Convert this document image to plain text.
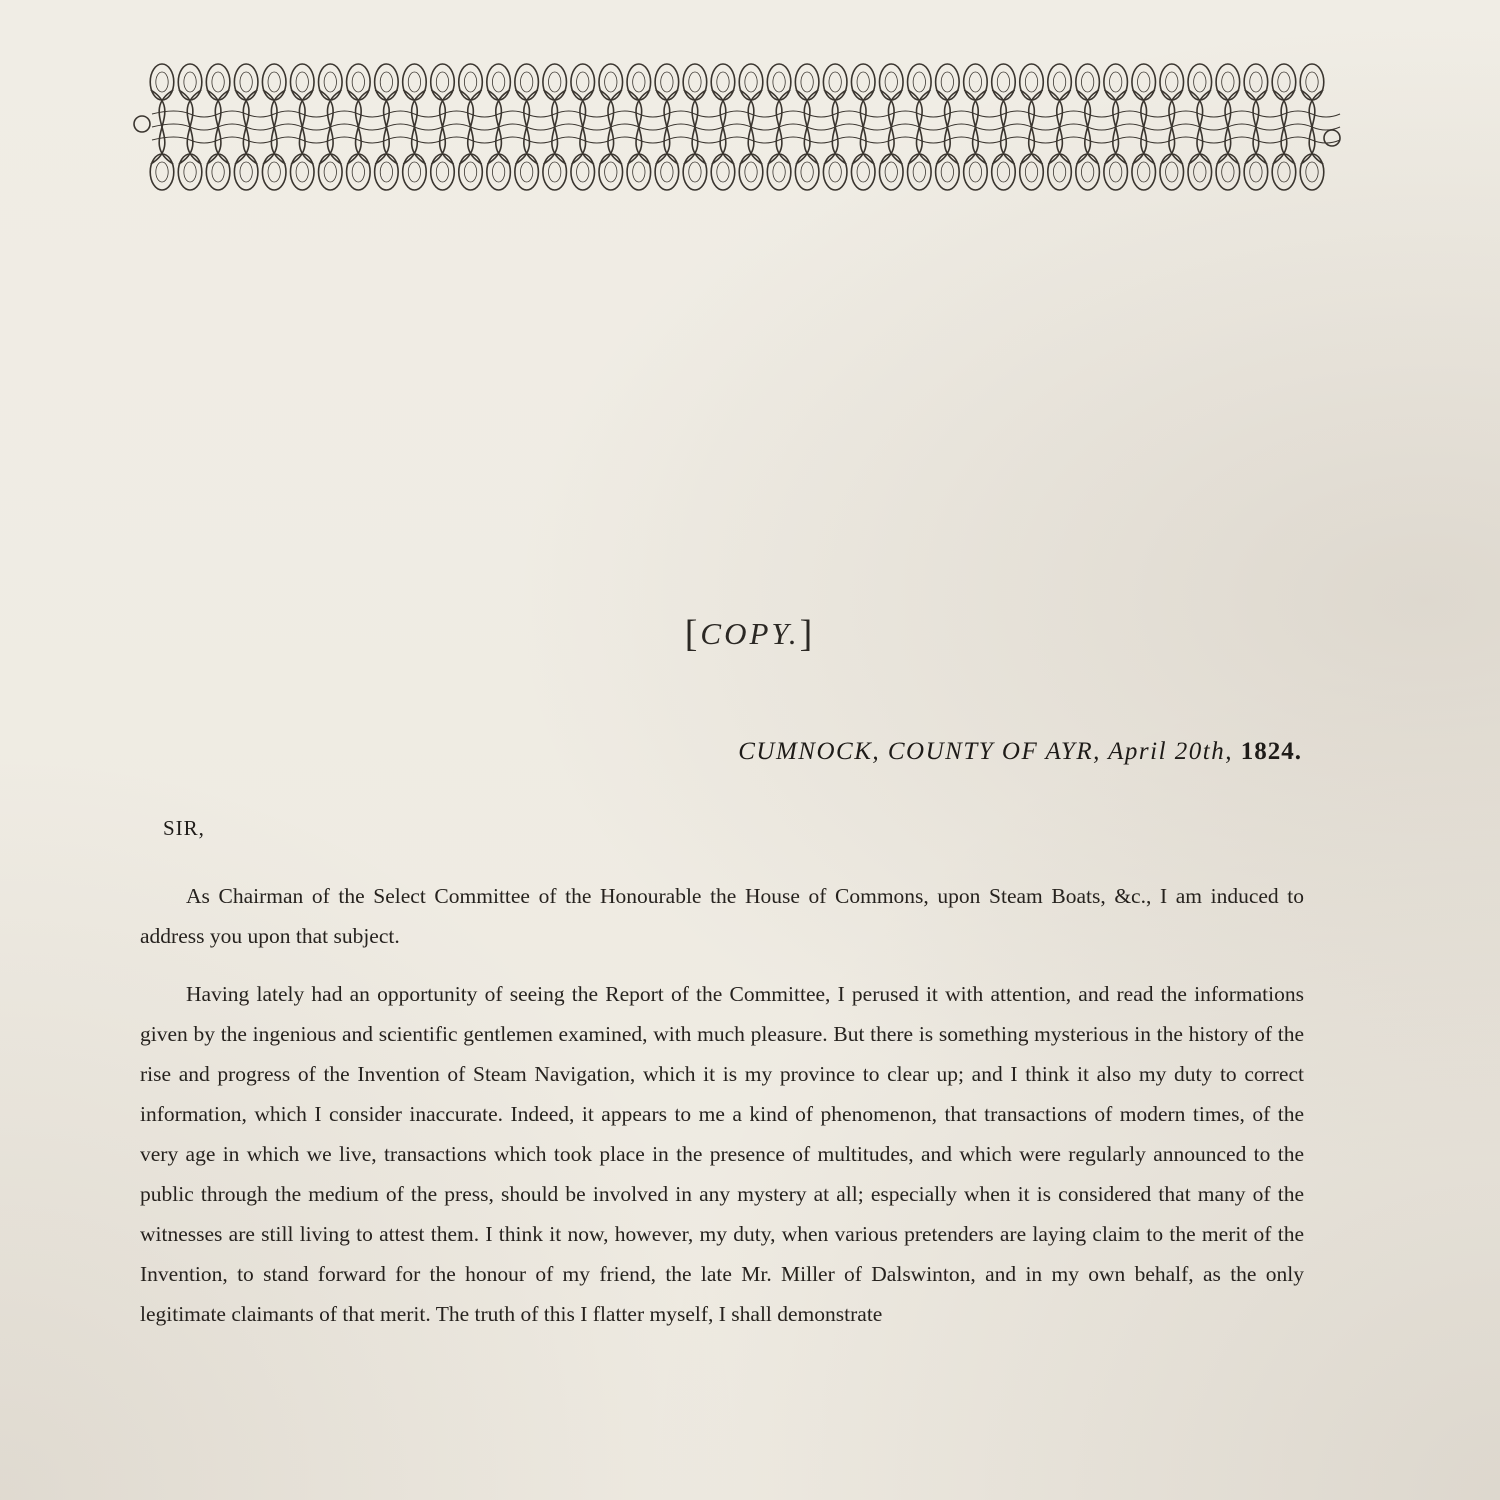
[COPY.]
CUMNOCK, COUNTY OF AYR, April 20th, 1824.
SIR,

As Chairman of the Select Committee of the Honourable the House of Commons, upon Steam Boats, &c., I am induced to address you upon that subject.

Having lately had an opportunity of seeing the Report of the Committee, I perused it with attention, and read the informations given by the ingenious and scientific gentlemen examined, with much pleasure. But there is something mysterious in the history of the rise and progress of the Invention of Steam Navigation, which it is my province to clear up; and I think it also my duty to correct information, which I consider inaccurate. Indeed, it appears to me a kind of phenomenon, that transactions of modern times, of the very age in which we live, transactions which took place in the presence of multitudes, and which were regularly announced to the public through the medium of the press, should be involved in any mystery at all; especially when it is considered that many of the witnesses are still living to attest them. I think it now, however, my duty, when various pretenders are laying claim to the merit of the Invention, to stand forward for the honour of my friend, the late Mr. Miller of Dalswinton, and in my own behalf, as the only legitimate claimants of that merit. The truth of this I flatter myself, I shall demonstrate
